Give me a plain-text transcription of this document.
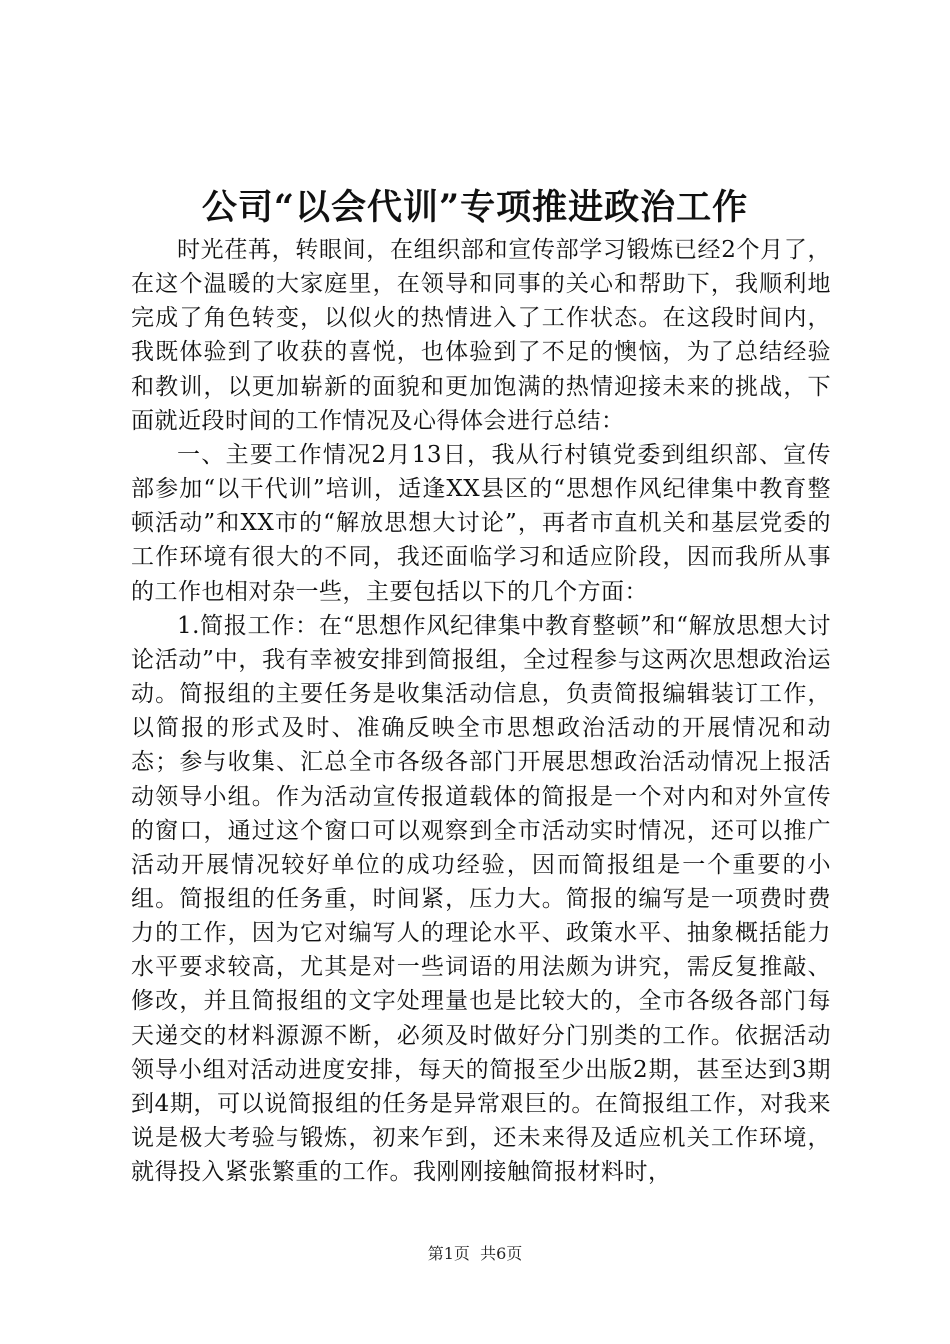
公司“以会代训”专项推进政治工作

时光荏苒，转眼间，在组织部和宣传部学习锻炼已经2个月了，在这个温暖的大家庭里，在领导和同事的关心和帮助下，我顺利地完成了角色转变，以似火的热情进入了工作状态。在这段时间内，我既体验到了收获的喜悦，也体验到了不足的懊恼，为了总结经验和教训，以更加崭新的面貌和更加饱满的热情迎接未来的挑战，下面就近段时间的工作情况及心得体会进行总结：

一、主要工作情况2月13日，我从行村镇党委到组织部、宣传部参加“以干代训”培训，适逢XX县区的“思想作风纪律集中教育整顿活动”和XX市的“解放思想大讨论”，再者市直机关和基层党委的工作环境有很大的不同，我还面临学习和适应阶段，因而我所从事的工作也相对杂一些，主要包括以下的几个方面：

1.简报工作：在“思想作风纪律集中教育整顿”和“解放思想大讨论活动”中，我有幸被安排到简报组，全过程参与这两次思想政治运动。简报组的主要任务是收集活动信息，负责简报编辑装订工作，以简报的形式及时、准确反映全市思想政治活动的开展情况和动态；参与收集、汇总全市各级各部门开展思想政治活动情况上报活动领导小组。作为活动宣传报道载体的简报是一个对内和对外宣传的窗口，通过这个窗口可以观察到全市活动实时情况，还可以推广活动开展情况较好单位的成功经验，因而简报组是一个重要的小组。简报组的任务重，时间紧，压力大。简报的编写是一项费时费力的工作，因为它对编写人的理论水平、政策水平、抽象概括能力水平要求较高，尤其是对一些词语的用法颇为讲究，需反复推敲、修改，并且简报组的文字处理量也是比较大的，全市各级各部门每天递交的材料源源不断，必须及时做好分门别类的工作。依据活动领导小组对活动进度安排，每天的简报至少出版2期，甚至达到3期到4期，可以说简报组的任务是异常艰巨的。在简报组工作，对我来说是极大考验与锻炼，初来乍到，还未来得及适应机关工作环境，就得投入紧张繁重的工作。我刚刚接触简报材料时，

第1页 共6页
